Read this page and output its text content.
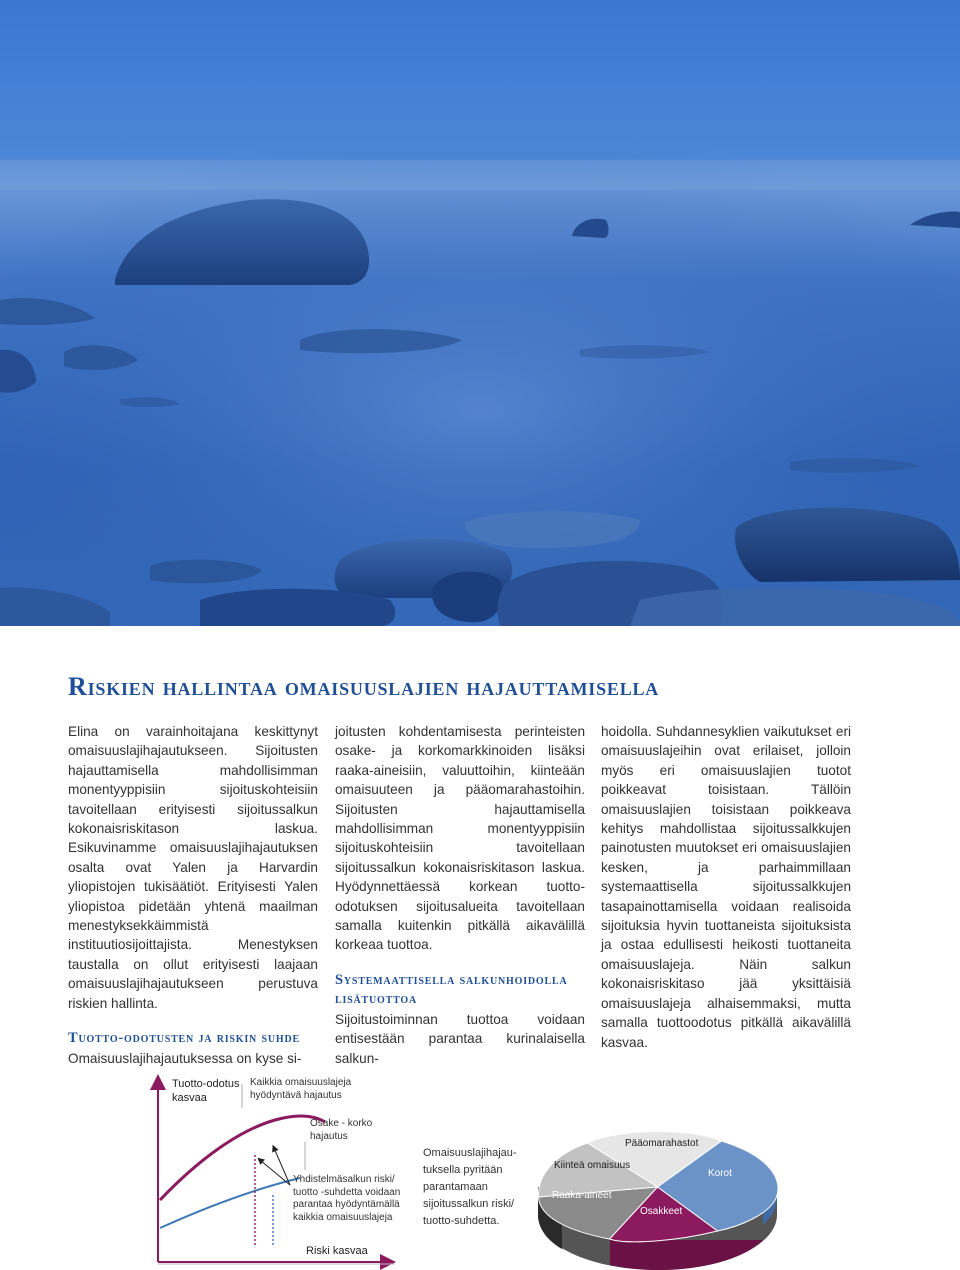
Riskien hallintaa omaisuuslajien hajauttamisella

Elina on varainhoitajana keskittynyt omaisuuslajihajautukseen. Sijoitusten hajauttamisella mahdollisimman monentyyppisiin sijoituskohteisiin tavoitellaan erityisesti sijoitussalkun kokonaisriskitason laskua. Esikuvinamme omaisuuslajihajautuksen osalta ovat Yalen ja Harvardin yliopistojen tukisäätiöt. Erityisesti Yalen yliopistoa pidetään yhtenä maailman menestyksekkäimmistä instituutiosijoittajista. Menestyksen taustalla on ollut erityisesti laajaan omaisuuslajihajautukseen perustuva riskien hallinta.

Tuotto-odotusten ja riskin suhde

Omaisuuslajihajautuksessa on kyse si-

joitusten kohdentamisesta perinteisten osake- ja korkomarkkinoiden lisäksi raaka-aineisiin, valuuttoihin, kiinteään omaisuuteen ja pääomarahastoihin. Sijoitusten hajauttamisella mahdollisimman monentyyppisiin sijoituskohteisiin tavoitellaan sijoitussalkun kokonaisriskitason laskua. Hyödynnettäessä korkean tuotto-odotuksen sijoitusalueita tavoitellaan samalla kuitenkin pitkällä aikavälillä korkeaa tuottoa.

Systemaattisella salkunhoidolla lisätuottoa

Sijoitustoiminnan tuottoa voidaan entisestään parantaa kurinalaisella salkun-

hoidolla. Suhdannesyklien vaikutukset eri omaisuuslajeihin ovat erilaiset, jolloin myös eri omaisuuslajien tuotot poikkeavat toisistaan. Tällöin omaisuuslajien toisistaan poikkeava kehitys mahdollistaa sijoitussalkkujen painotusten muutokset eri omaisuuslajien kesken, ja parhaimmillaan systemaattisella sijoitussalkkujen tasapainottamisella voidaan realisoida sijoituksia hyvin tuottaneista sijoituksista ja ostaa edullisesti heikosti tuottaneita omaisuuslajeja. Näin salkun kokonaisriskitaso jää yksittäisiä omaisuuslajeja alhaisemmaksi, mutta samalla tuottoodotus pitkällä aikavälillä kasvaa.

Tuotto-odotus
kasvaa
Kaikkia omaisuuslajeja
hyödyntävä hajautus
Osake - korko
hajautus
Yhdistelmäsalkun riski/
tuotto -suhdetta voidaan
parantaa hyödyntämällä
kaikkia omaisuuslajeja
Riski kasvaa
Omaisuuslajihajau-
tuksella pyritään
parantamaan
sijoitussalkun riski/
tuotto-suhdetta.
Pääomarahastot
Korot
Osakkeet
Raaka-aineet
Kiinteä omaisuus
